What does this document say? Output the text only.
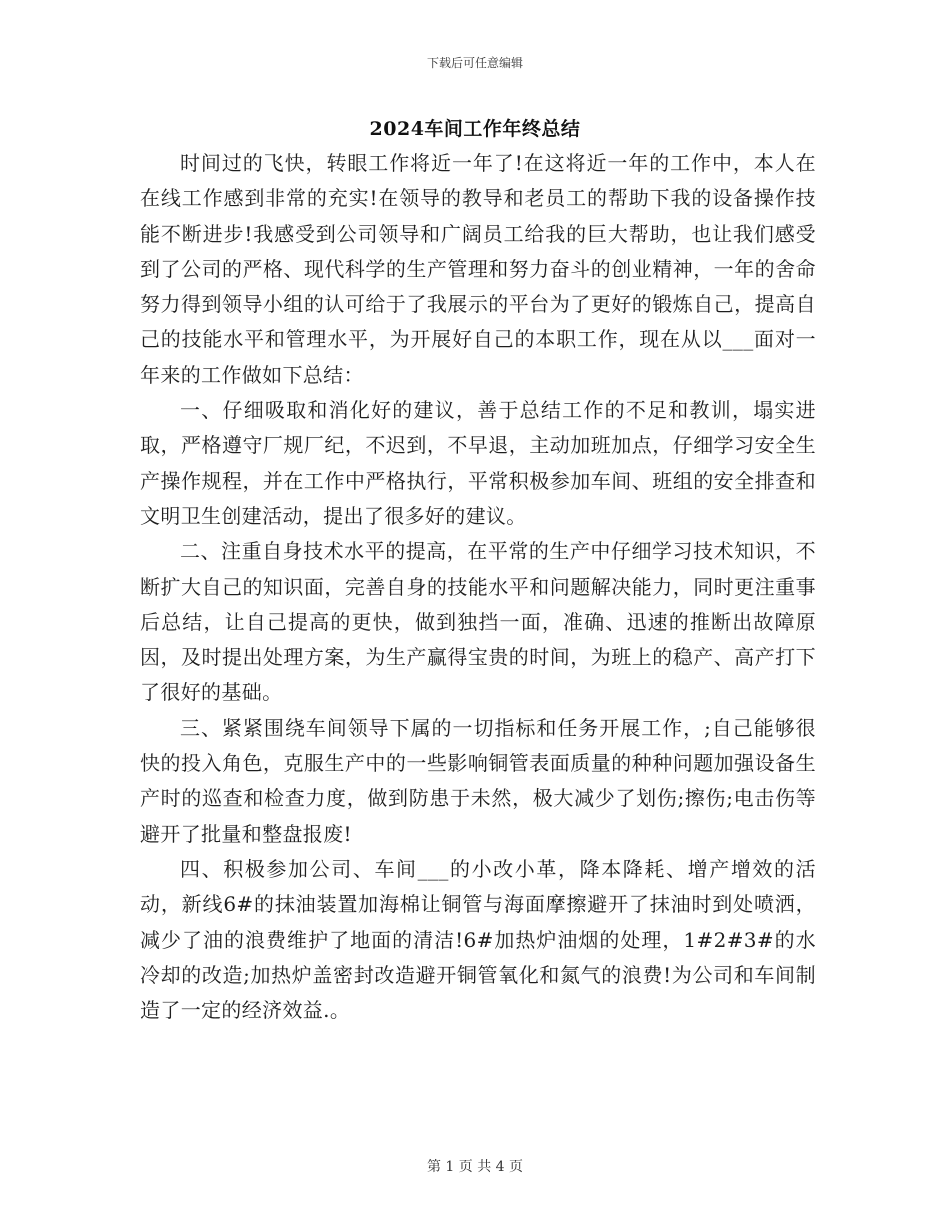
下载后可任意编辑

2024车间工作年终总结

时间过的飞快，转眼工作将近一年了!在这将近一年的工作中，本人在在线工作感到非常的充实!在领导的教导和老员工的帮助下我的设备操作技能不断进步!我感受到公司领导和广阔员工给我的巨大帮助，也让我们感受到了公司的严格、现代科学的生产管理和努力奋斗的创业精神，一年的舍命努力得到领导小组的认可给于了我展示的平台为了更好的锻炼自己，提高自己的技能水平和管理水平，为开展好自己的本职工作，现在从以___面对一年来的工作做如下总结：

一、仔细吸取和消化好的建议，善于总结工作的不足和教训，塌实进取，严格遵守厂规厂纪，不迟到，不早退，主动加班加点，仔细学习安全生产操作规程，并在工作中严格执行，平常积极参加车间、班组的安全排查和文明卫生创建活动，提出了很多好的建议。

二、注重自身技术水平的提高，在平常的生产中仔细学习技术知识，不断扩大自己的知识面，完善自身的技能水平和问题解决能力，同时更注重事后总结，让自己提高的更快，做到独挡一面，准确、迅速的推断出故障原因，及时提出处理方案，为生产赢得宝贵的时间，为班上的稳产、高产打下了很好的基础。

三、紧紧围绕车间领导下属的一切指标和任务开展工作，;自己能够很快的投入角色，克服生产中的一些影响铜管表面质量的种种问题加强设备生产时的巡查和检查力度，做到防患于未然，极大减少了划伤;擦伤;电击伤等避开了批量和整盘报废!

四、积极参加公司、车间___的小改小革，降本降耗、增产增效的活动，新线6#的抹油装置加海棉让铜管与海面摩擦避开了抹油时到处喷洒，减少了油的浪费维护了地面的清洁!6#加热炉油烟的处理，1#2#3#的水冷却的改造;加热炉盖密封改造避开铜管氧化和氮气的浪费!为公司和车间制造了一定的经济效益.。

第 1 页 共 4 页
